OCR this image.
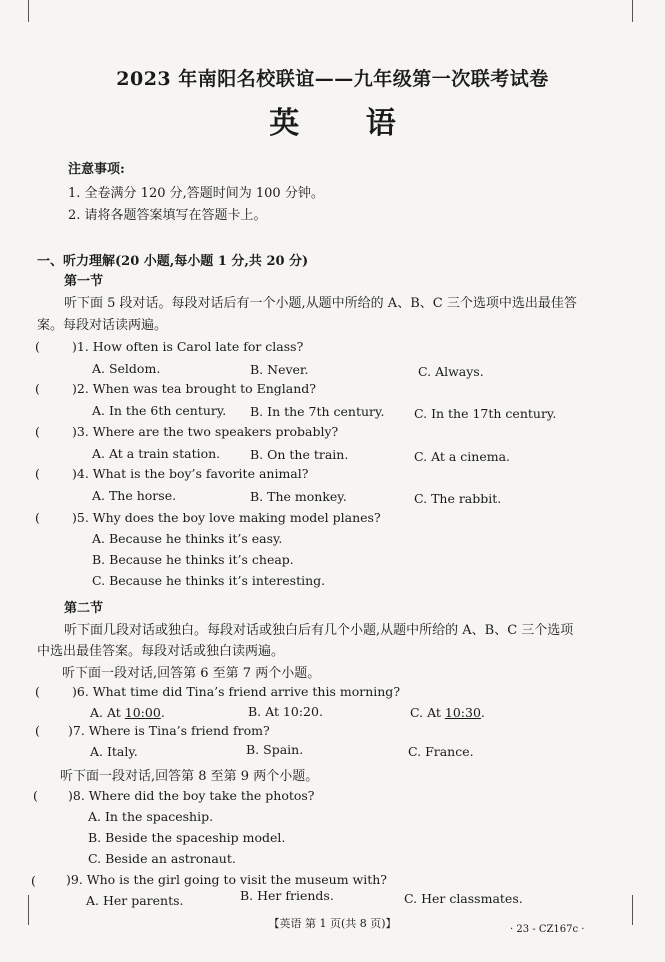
2023 年南阳名校联谊——九年级第一次联考试卷
英 语
注意事项:
1. 全卷满分 120 分,答题时间为 100 分钟。
2. 请将各题答案填写在答题卡上。
一、听力理解(20 小题,每小题 1 分,共 20 分)
第一节
听下面 5 段对话。每段对话后有一个小题,从题中所给的 A、B、C 三个选项中选出最佳答
案。每段对话读两遍。
(	)1. How often is Carol late for class?
A. Seldom.	B. Never.	C. Always.
(	)2. When was tea brought to England?
A. In the 6th century. B. In the 7th century. C. In the 17th century.
(	)3. Where are the two speakers probably?
A. At a train station. B. On the train.	C. At a cinema.
(	)4. What is the boy’s favorite animal?
A. The horse.	B. The monkey.	C. The rabbit.
(	)5. Why does the boy love making model planes?
A. Because he thinks it’s easy.
B. Because he thinks it’s cheap.
C. Because he thinks it’s interesting.
第二节
听下面几段对话或独白。每段对话或独白后有几个小题,从题中所给的 A、B、C 三个选项
中选出最佳答案。每段对话或独白读两遍。
听下面一段对话,回答第 6 至第 7 两个小题。
(	)6. What time did Tina’s friend arrive this morning?
A. At 10:00.	B. At 10:20.	C. At 10:30.
( )7. Where is Tina’s friend from?
A. Italy.	B. Spain.	C. France.
听下面一段对话,回答第 8 至第 9 两个小题。
( )8. Where did the boy take the photos?
A. In the spaceship.
B. Beside the spaceship model.
C. Beside an astronaut.
( )9. Who is the girl going to visit the museum with?
A. Her parents.	B. Her friends.	C. Her classmates.
【英语 第 1 页(共 8 页)】	· 23 - CZ167c ·
